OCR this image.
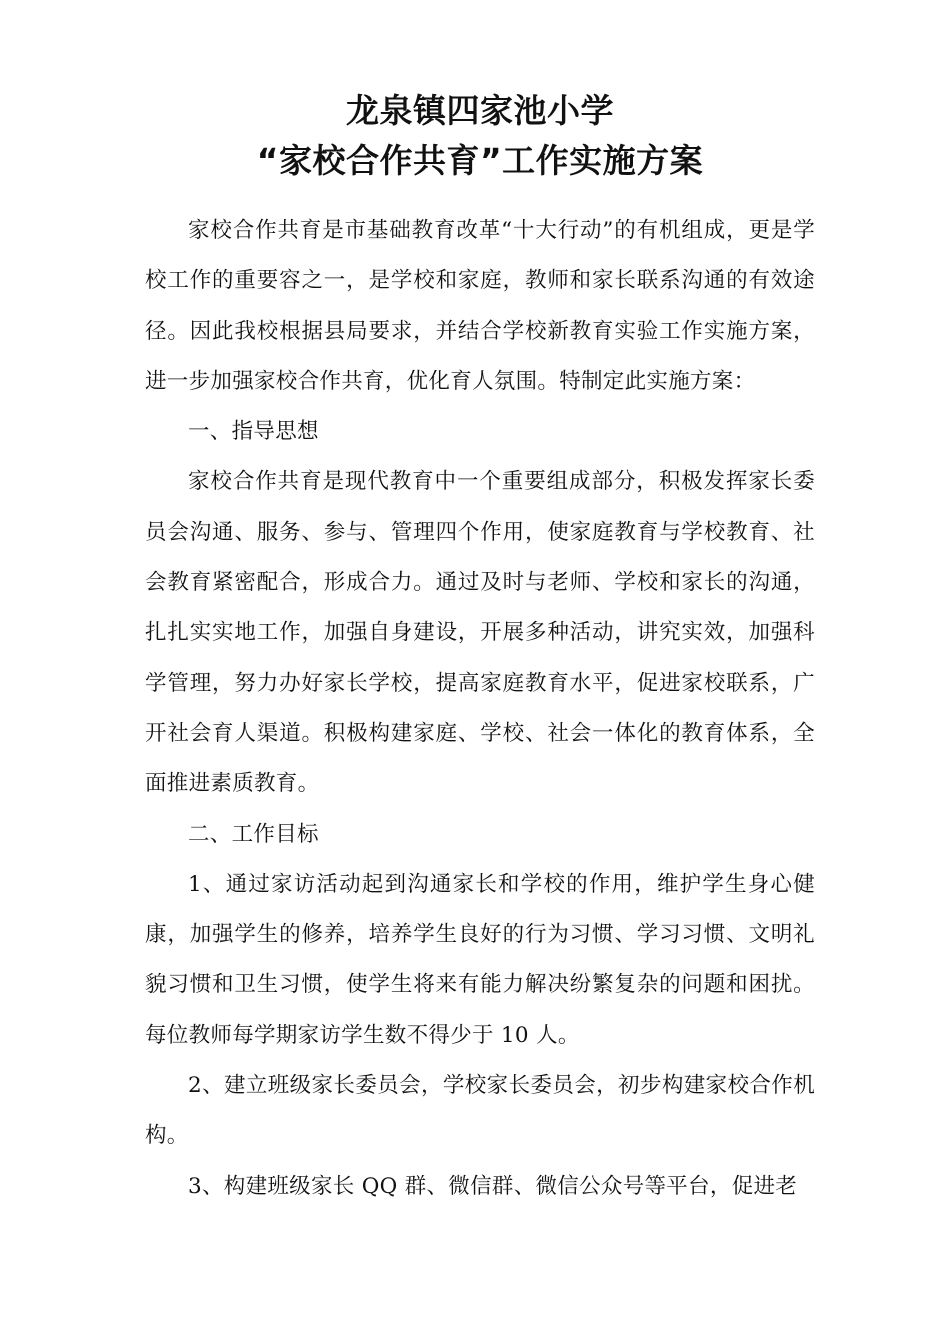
龙泉镇四家池小学
“家校合作共育”工作实施方案

家校合作共育是市基础教育改革“十大行动”的有机组成，更是学校工作的重要容之一，是学校和家庭，教师和家长联系沟通的有效途径。因此我校根据县局要求，并结合学校新教育实验工作实施方案，进一步加强家校合作共育，优化育人氛围。特制定此实施方案：

一、指导思想

家校合作共育是现代教育中一个重要组成部分，积极发挥家长委员会沟通、服务、参与、管理四个作用，使家庭教育与学校教育、社会教育紧密配合，形成合力。通过及时与老师、学校和家长的沟通，扎扎实实地工作，加强自身建设，开展多种活动，讲究实效，加强科学管理，努力办好家长学校，提高家庭教育水平，促进家校联系，广开社会育人渠道。积极构建家庭、学校、社会一体化的教育体系，全面推进素质教育。

二、工作目标

1、通过家访活动起到沟通家长和学校的作用，维护学生身心健康，加强学生的修养，培养学生良好的行为习惯、学习习惯、文明礼貌习惯和卫生习惯，使学生将来有能力解决纷繁复杂的问题和困扰。每位教师每学期家访学生数不得少于 10 人。

2、建立班级家长委员会，学校家长委员会，初步构建家校合作机构。

3、构建班级家长 QQ 群、微信群、微信公众号等平台，促进老
